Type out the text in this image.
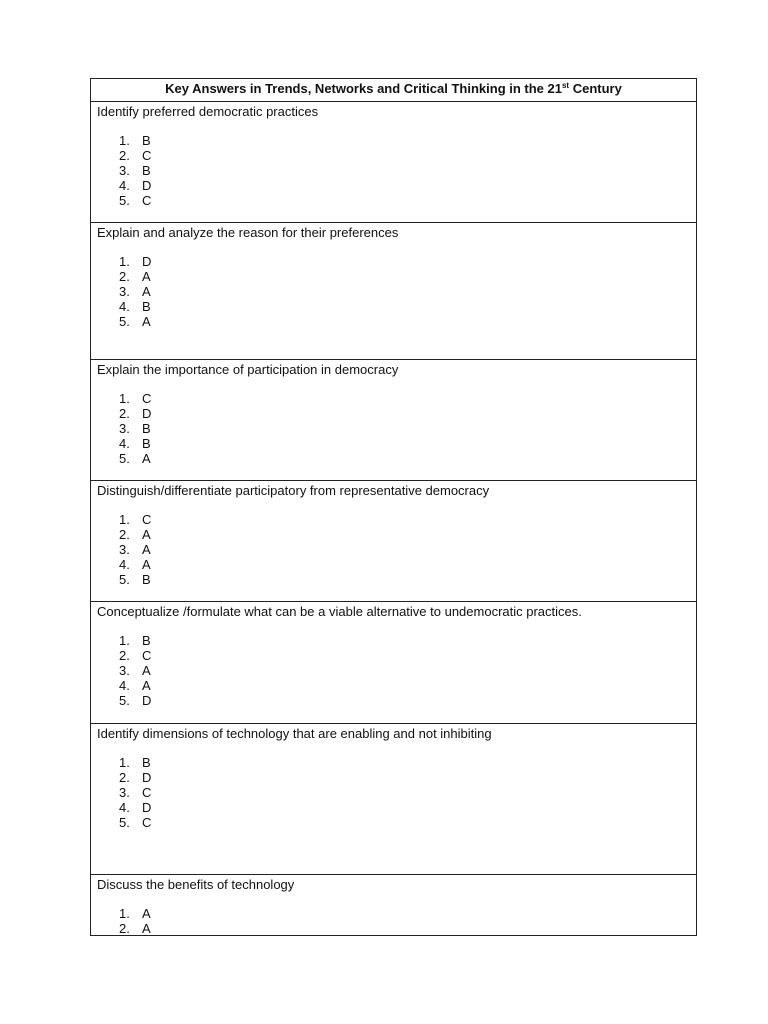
Key Answers in Trends, Networks and Critical Thinking in the 21st Century
Identify preferred democratic practices
1. B
2. C
3. B
4. D
5. C
Explain and analyze the reason for their preferences
1. D
2. A
3. A
4. B
5. A
Explain the importance of participation in democracy
1. C
2. D
3. B
4. B
5. A
Distinguish/differentiate participatory from representative democracy
1. C
2. A
3. A
4. A
5. B
Conceptualize /formulate what can be a viable alternative to undemocratic practices.
1. B
2. C
3. A
4. A
5. D
Identify dimensions of technology that are enabling and not inhibiting
1. B
2. D
3. C
4. D
5. C
Discuss the benefits of technology
1. A
2. A
